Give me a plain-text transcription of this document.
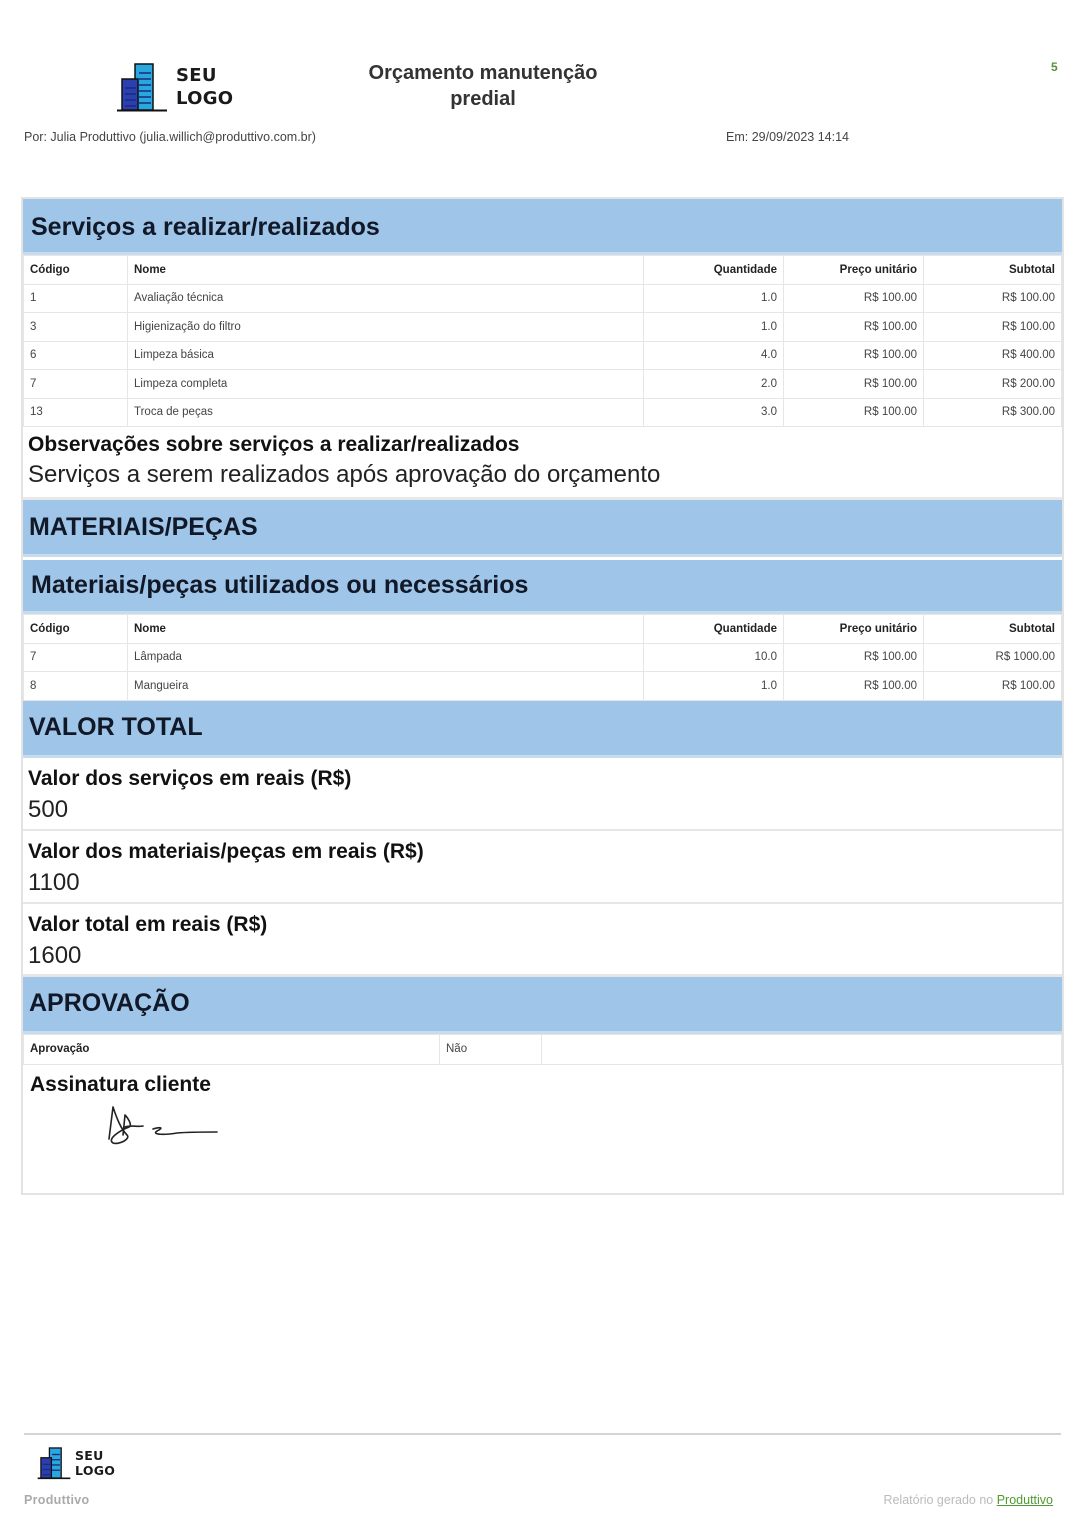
SEU
LOGO
Orçamento manutenção
predial
5
Por: Julia Produttivo (julia.willich@produttivo.com.br)	Em: 29/09/2023 14:14
Serviços a realizar/realizados
Código	Nome	Quantidade	Preço unitário	Subtotal
1	Avaliação técnica	1.0	R$ 100.00	R$ 100.00
3	Higienização do filtro	1.0	R$ 100.00	R$ 100.00
6	Limpeza básica	4.0	R$ 100.00	R$ 400.00
7	Limpeza completa	2.0	R$ 100.00	R$ 200.00
13	Troca de peças	3.0	R$ 100.00	R$ 300.00
Observações sobre serviços a realizar/realizados
Serviços a serem realizados após aprovação do orçamento
MATERIAIS/PEÇAS
Materiais/peças utilizados ou necessários
Código	Nome	Quantidade	Preço unitário	Subtotal
7	Lâmpada	10.0	R$ 100.00	R$ 1000.00
8	Mangueira	1.0	R$ 100.00	R$ 100.00
VALOR TOTAL
Valor dos serviços em reais (R$)
500
Valor dos materiais/peças em reais (R$)
1100
Valor total em reais (R$)
1600
APROVAÇÃO
Aprovação	Não	
Assinatura cliente
SEU
LOGO
Produttivo	Relatório gerado no Produttivo
